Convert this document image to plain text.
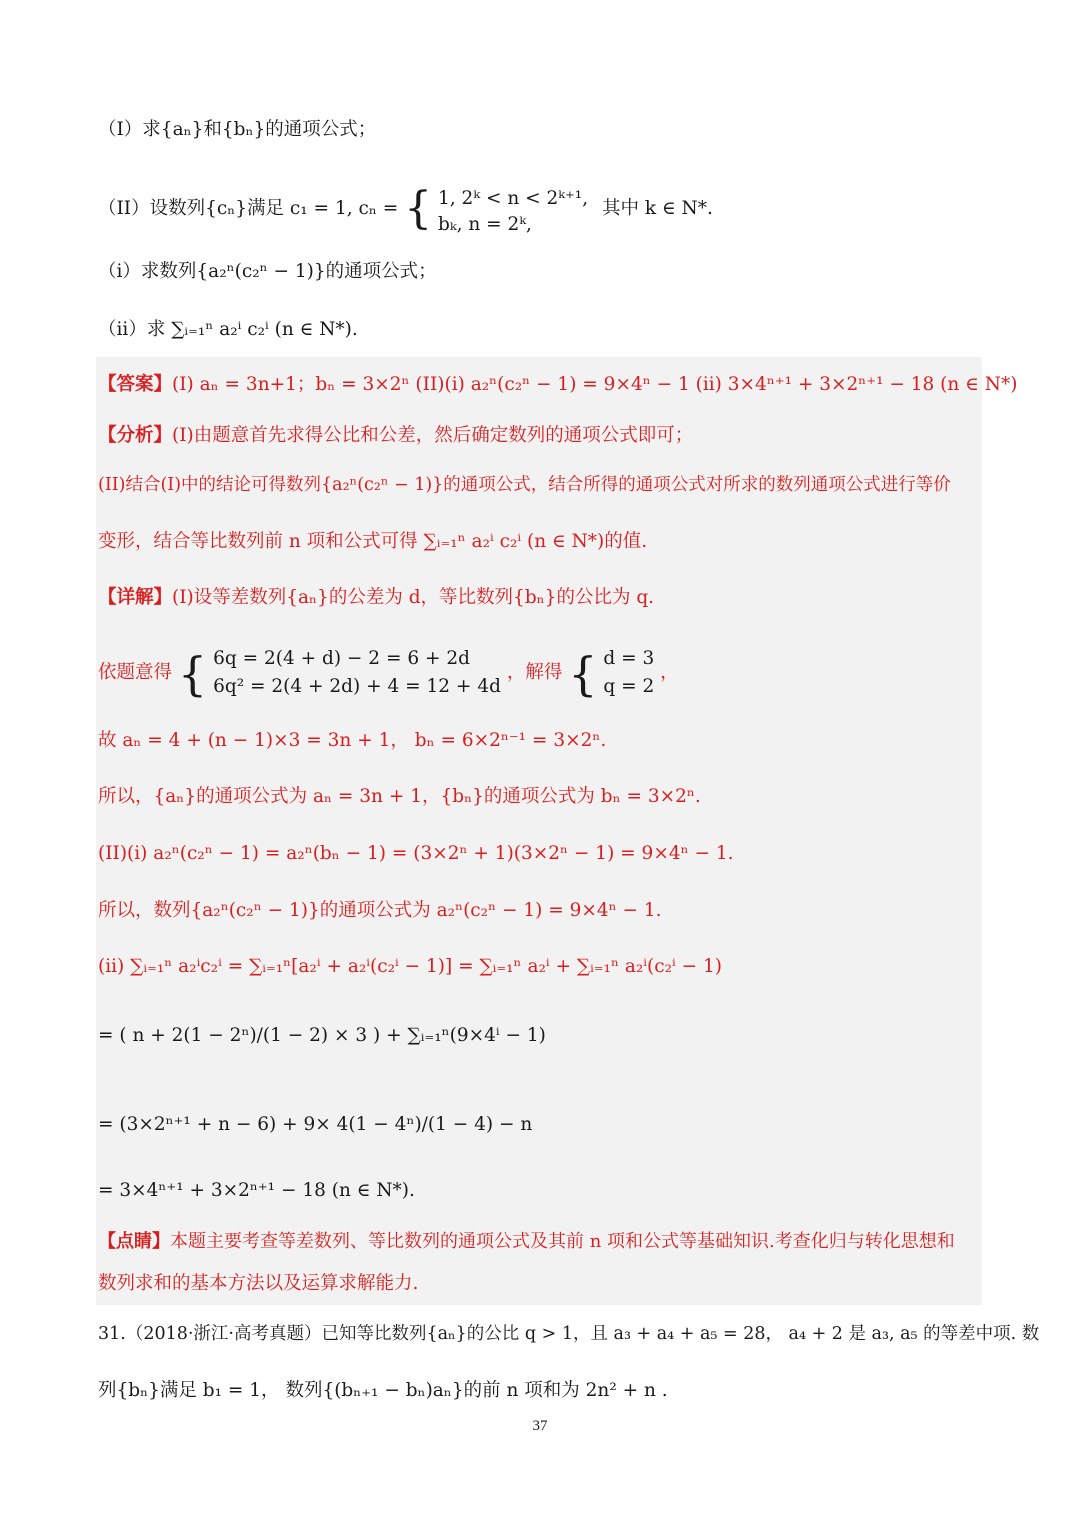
（I）求{aₙ}和{bₙ}的通项公式；
（II）设数列{cₙ}满足 c₁ = 1, cₙ = { 1, 2ᵏ < n < 2ᵏ⁺¹,
bₖ, n = 2ᵏ,
其中 k ∈ N*.
（i）求数列{a₂ⁿ(c₂ⁿ − 1)}的通项公式；
（ii）求 ∑ᵢ₌₁ⁿ a₂ⁱ c₂ⁱ (n ∈ N*).
【答案】(I) aₙ = 3n+1；bₙ = 3×2ⁿ (II)(i) a₂ⁿ(c₂ⁿ − 1) = 9×4ⁿ − 1 (ii) 3×4ⁿ⁺¹ + 3×2ⁿ⁺¹ − 18 (n ∈ N*)
【分析】(I)由题意首先求得公比和公差，然后确定数列的通项公式即可；
(II)结合(I)中的结论可得数列{a₂ⁿ(c₂ⁿ − 1)}的通项公式，结合所得的通项公式对所求的数列通项公式进行等价
变形，结合等比数列前 n 项和公式可得 ∑ᵢ₌₁ⁿ a₂ⁱ c₂ⁱ (n ∈ N*)的值.
【详解】(I)设等差数列{aₙ}的公差为 d，等比数列{bₙ}的公比为 q.
依题意得 { 6q = 2(4 + d) − 2 = 6 + 2d
6q² = 2(4 + 2d) + 4 = 12 + 4d
，解得 { d = 3
q = 2
，
故 aₙ = 4 + (n − 1)×3 = 3n + 1， bₙ = 6×2ⁿ⁻¹ = 3×2ⁿ.
所以，{aₙ}的通项公式为 aₙ = 3n + 1，{bₙ}的通项公式为 bₙ = 3×2ⁿ.
(II)(i) a₂ⁿ(c₂ⁿ − 1) = a₂ⁿ(bₙ − 1) = (3×2ⁿ + 1)(3×2ⁿ − 1) = 9×4ⁿ − 1.
所以，数列{a₂ⁿ(c₂ⁿ − 1)}的通项公式为 a₂ⁿ(c₂ⁿ − 1) = 9×4ⁿ − 1.
(ii) ∑ᵢ₌₁ⁿ a₂ⁱc₂ⁱ = ∑ᵢ₌₁ⁿ[a₂ⁱ + a₂ⁱ(c₂ⁱ − 1)] = ∑ᵢ₌₁ⁿ a₂ⁱ + ∑ᵢ₌₁ⁿ a₂ⁱ(c₂ⁱ − 1)
= ( n + 2(1 − 2ⁿ)/(1 − 2) × 3 ) + ∑ᵢ₌₁ⁿ(9×4ⁱ − 1)
= (3×2ⁿ⁺¹ + n − 6) + 9× 4(1 − 4ⁿ)/(1 − 4) − n
= 3×4ⁿ⁺¹ + 3×2ⁿ⁺¹ − 18 (n ∈ N*).
【点睛】本题主要考查等差数列、等比数列的通项公式及其前 n 项和公式等基础知识.考查化归与转化思想和
数列求和的基本方法以及运算求解能力.
31.（2018·浙江·高考真题）已知等比数列{aₙ}的公比 q > 1，且 a₃ + a₄ + a₅ = 28， a₄ + 2 是 a₃, a₅ 的等差中项. 数
列{bₙ}满足 b₁ = 1， 数列{(bₙ₊₁ − bₙ)aₙ}的前 n 项和为 2n² + n .
37
